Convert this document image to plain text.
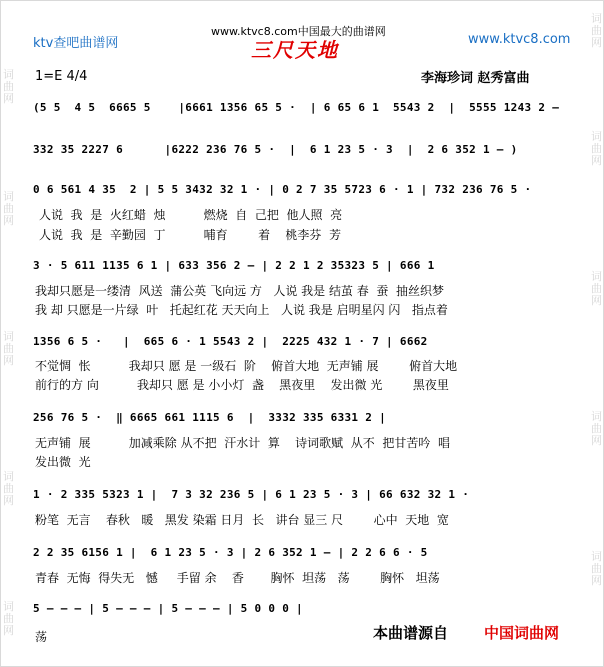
词曲网
词曲网
词曲网
词曲网
词曲网
词曲网
词曲网
词曲网
词曲网
词曲网
ktv查吧曲谱网
www.ktvc8.com中国最大的曲谱网
www.ktvc8.com
三尺天地
1=E 4/4	李海珍词 赵秀富曲
(5 5  4 5  6665 5    |6661 1356 65 5 ·  | 6 65 6 1  5543 2  |  5555 1243 2 –
332 35 2227 6      |6222 236 76 5 ·  |  6 1 23 5 · 3  |  2 6 352 1 – )
0 6 561 4 35  2 | 5 5 3432 32 1 · | 0 2 7 35 5723 6 · 1 | 732 236 76 5 ·
人说  我  是  火红蜡  烛          燃烧  自  己把  他人照  亮
人说  我  是  辛勤园  丁          哺育        着    桃李芬  芳
3 · 5 611 1135 6 1 | 633 356 2 – | 2 2 1 2 35323 5 | 666 1
我却只愿是一缕清  风送  蒲公英 飞向远 方   人说 我是 结茧 春  蚕  抽丝织梦
我 却 只愿是一片绿  叶   托起红花 天天向上   人说 我是 启明星闪 闪   指点着
1356 6 5 ·   |  665 6 · 1 5543 2 |  2225 432 1 · 7 | 6662
不觉惆  怅          我却只 愿 是 一级石  阶    俯首大地  无声铺 展        俯首大地
前行的方 向          我却只 愿 是 小小灯  盏    黑夜里    发出微 光        黑夜里
256 76 5 ·  ‖ 6665 661 1115 6  |  3332 335 6331 2 |
无声铺  展          加减乘除 从不把  汗水计  算    诗词歌赋  从不  把甘苦吟  唱
发出微  光
1 · 2 335 5323 1 |  7 3 32 236 5 | 6 1 23 5 · 3 | 66 632 32 1 ·
粉笔  无言    春秋   暖   黑发 染霜 日月  长   讲台 显三 尺        心中  天地  宽
2 2 35 6156 1 |  6 1 23 5 · 3 | 2 6 352 1 – | 2 2 6 6 · 5
青春  无悔  得失无   憾     手留 余    香       胸怀  坦荡   荡        胸怀   坦荡
5 – – – | 5 – – – | 5 – – – | 5 0 0 0 |
荡	本曲谱源自 中国词曲网
